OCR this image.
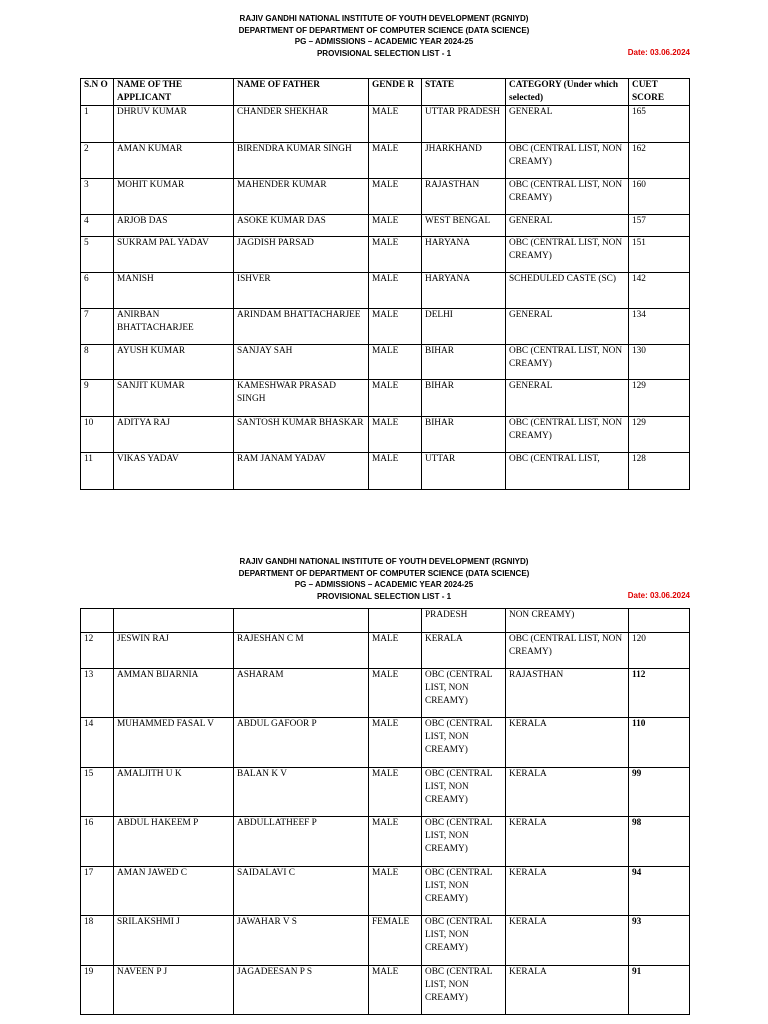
RAJIV GANDHI NATIONAL INSTITUTE OF YOUTH DEVELOPMENT (RGNIYD)
DEPARTMENT OF DEPARTMENT OF COMPUTER SCIENCE (DATA SCIENCE)
PG – ADMISSIONS – ACADEMIC YEAR 2024-25
PROVISIONAL SELECTION LIST - 1	Date: 03.06.2024
S.N O	NAME OF THE APPLICANT	NAME OF FATHER	GENDE R	STATE	CATEGORY (Under which selected)	CUET SCORE
1	DHRUV KUMAR	CHANDER SHEKHAR	MALE	UTTAR PRADESH	GENERAL	165
2	AMAN KUMAR	BIRENDRA KUMAR SINGH	MALE	JHARKHAND	OBC (CENTRAL LIST, NON CREAMY)	162
3	MOHIT KUMAR	MAHENDER KUMAR	MALE	RAJASTHAN	OBC (CENTRAL LIST, NON CREAMY)	160
4	ARJOB DAS	ASOKE KUMAR DAS	MALE	WEST BENGAL	GENERAL	157
5	SUKRAM PAL YADAV	JAGDISH PARSAD	MALE	HARYANA	OBC (CENTRAL LIST, NON CREAMY)	151
6	MANISH	ISHVER	MALE	HARYANA	SCHEDULED CASTE (SC)	142
7	ANIRBAN BHATTACHARJEE	ARINDAM BHATTACHARJEE	MALE	DELHI	GENERAL	134
8	AYUSH KUMAR	SANJAY SAH	MALE	BIHAR	OBC (CENTRAL LIST, NON CREAMY)	130
9	SANJIT KUMAR	KAMESHWAR PRASAD SINGH	MALE	BIHAR	GENERAL	129
10	ADITYA RAJ	SANTOSH KUMAR BHASKAR	MALE	BIHAR	OBC (CENTRAL LIST, NON CREAMY)	129
11	VIKAS YADAV	RAM JANAM YADAV	MALE	UTTAR	OBC (CENTRAL LIST,	128
RAJIV GANDHI NATIONAL INSTITUTE OF YOUTH DEVELOPMENT (RGNIYD)
DEPARTMENT OF DEPARTMENT OF COMPUTER SCIENCE (DATA SCIENCE)
PG – ADMISSIONS – ACADEMIC YEAR 2024-25
PROVISIONAL SELECTION LIST - 1	Date: 03.06.2024
				PRADESH	NON CREAMY)	
12	JESWIN RAJ	RAJESHAN C M	MALE	KERALA	OBC (CENTRAL LIST, NON CREAMY)	120
13	AMMAN BIJARNIA	ASHARAM	MALE	OBC (CENTRAL LIST, NON CREAMY)	RAJASTHAN	112
14	MUHAMMED FASAL V	ABDUL GAFOOR P	MALE	OBC (CENTRAL LIST, NON CREAMY)	KERALA	110
15	AMALJITH U K	BALAN K V	MALE	OBC (CENTRAL LIST, NON CREAMY)	KERALA	99
16	ABDUL HAKEEM P	ABDULLATHEEF P	MALE	OBC (CENTRAL LIST, NON CREAMY)	KERALA	98
17	AMAN JAWED C	SAIDALAVI C	MALE	OBC (CENTRAL LIST, NON CREAMY)	KERALA	94
18	SRILAKSHMI J	JAWAHAR V S	FEMALE	OBC (CENTRAL LIST, NON CREAMY)	KERALA	93
19	NAVEEN P J	JAGADEESAN P S	MALE	OBC (CENTRAL LIST, NON CREAMY)	KERALA	91
